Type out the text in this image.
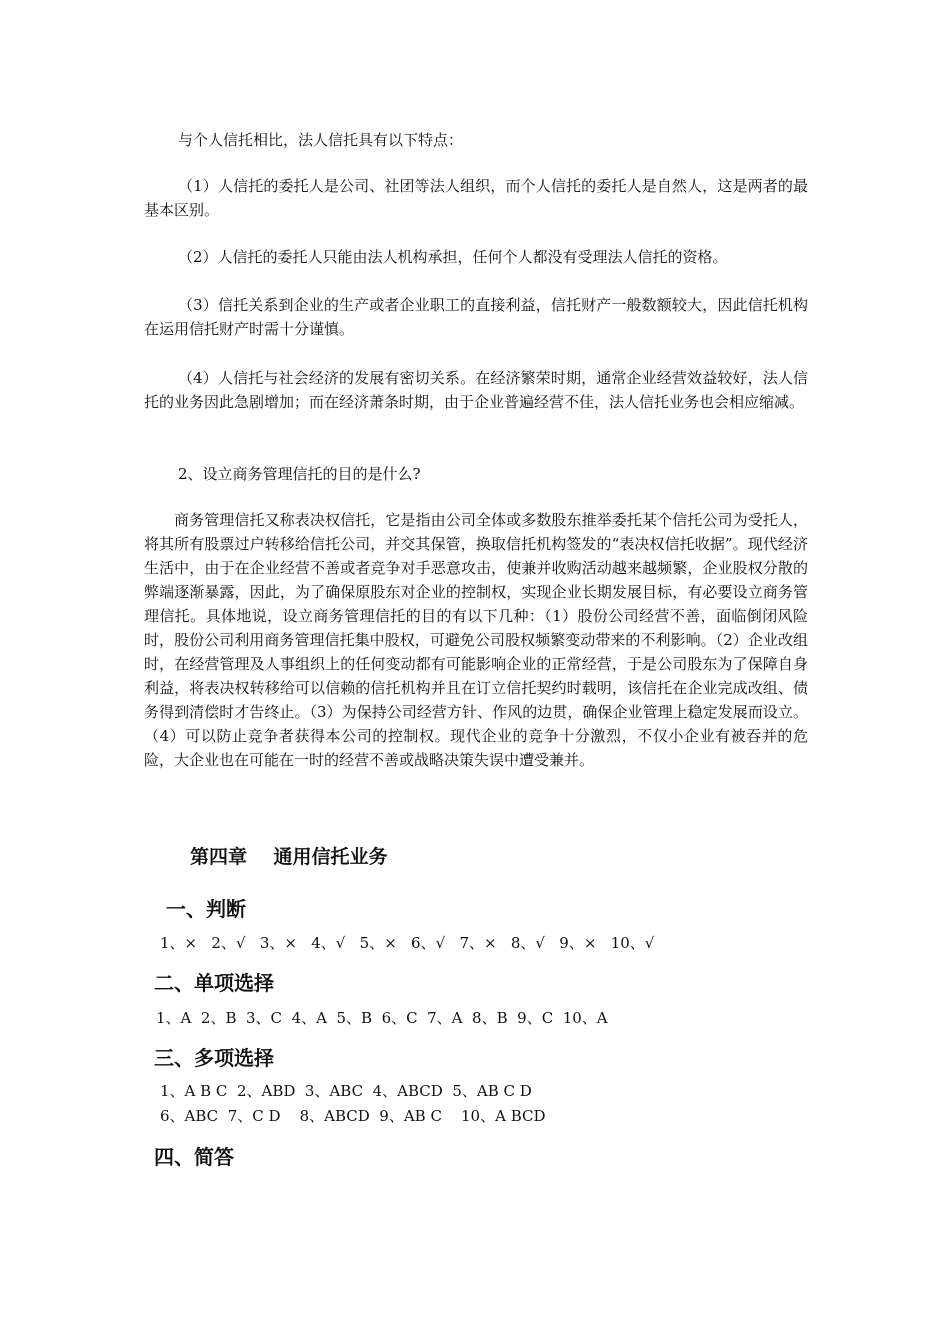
与个人信托相比，法人信托具有以下特点：

（1）人信托的委托人是公司、社团等法人组织，而个人信托的委托人是自然人，这是两者的最基本区别。

（2）人信托的委托人只能由法人机构承担，任何个人都没有受理法人信托的资格。

（3）信托关系到企业的生产或者企业职工的直接利益，信托财产一般数额较大，因此信托机构在运用信托财产时需十分谨慎。

（4）人信托与社会经济的发展有密切关系。在经济繁荣时期，通常企业经营效益较好，法人信托的业务因此急剧增加；而在经济萧条时期，由于企业普遍经营不佳，法人信托业务也会相应缩减。

2、设立商务管理信托的目的是什么?

商务管理信托又称表决权信托，它是指由公司全体或多数股东推举委托某个信托公司为受托人，将其所有股票过户转移给信托公司，并交其保管，换取信托机构签发的“表决权信托收据”。现代经济生活中，由于在企业经营不善或者竞争对手恶意攻击，使兼并收购活动越来越频繁，企业股权分散的弊端逐渐暴露，因此，为了确保原股东对企业的控制权，实现企业长期发展目标，有必要设立商务管理信托。具体地说，设立商务管理信托的目的有以下几种：（1）股份公司经营不善，面临倒闭风险时，股份公司利用商务管理信托集中股权，可避免公司股权频繁变动带来的不利影响。（2）企业改组时，在经营管理及人事组织上的任何变动都有可能影响企业的正常经营，于是公司股东为了保障自身利益，将表决权转移给可以信赖的信托机构并且在订立信托契约时载明，该信托在企业完成改组、债务得到清偿时才告终止。（3）为保持公司经营方针、作风的边贯，确保企业管理上稳定发展而设立。（4）可以防止竞争者获得本公司的控制权。现代企业的竞争十分激烈，不仅小企业有被吞并的危险，大企业也在可能在一时的经营不善或战略决策失误中遭受兼并。

第四章    通用信托业务
一、判断

1、×   2、√   3、×   4、√   5、×   6、√   7、×   8、√   9、×   10、√

二、单项选择

1、A  2、B  3、C  4、A  5、B  6、C  7、A  8、B  9、C  10、A

三、多项选择

1、A B C  2、ABD  3、ABC  4、ABCD  5、AB C D

6、ABC  7、C D    8、ABCD  9、AB C    10、A BCD

四、简答
